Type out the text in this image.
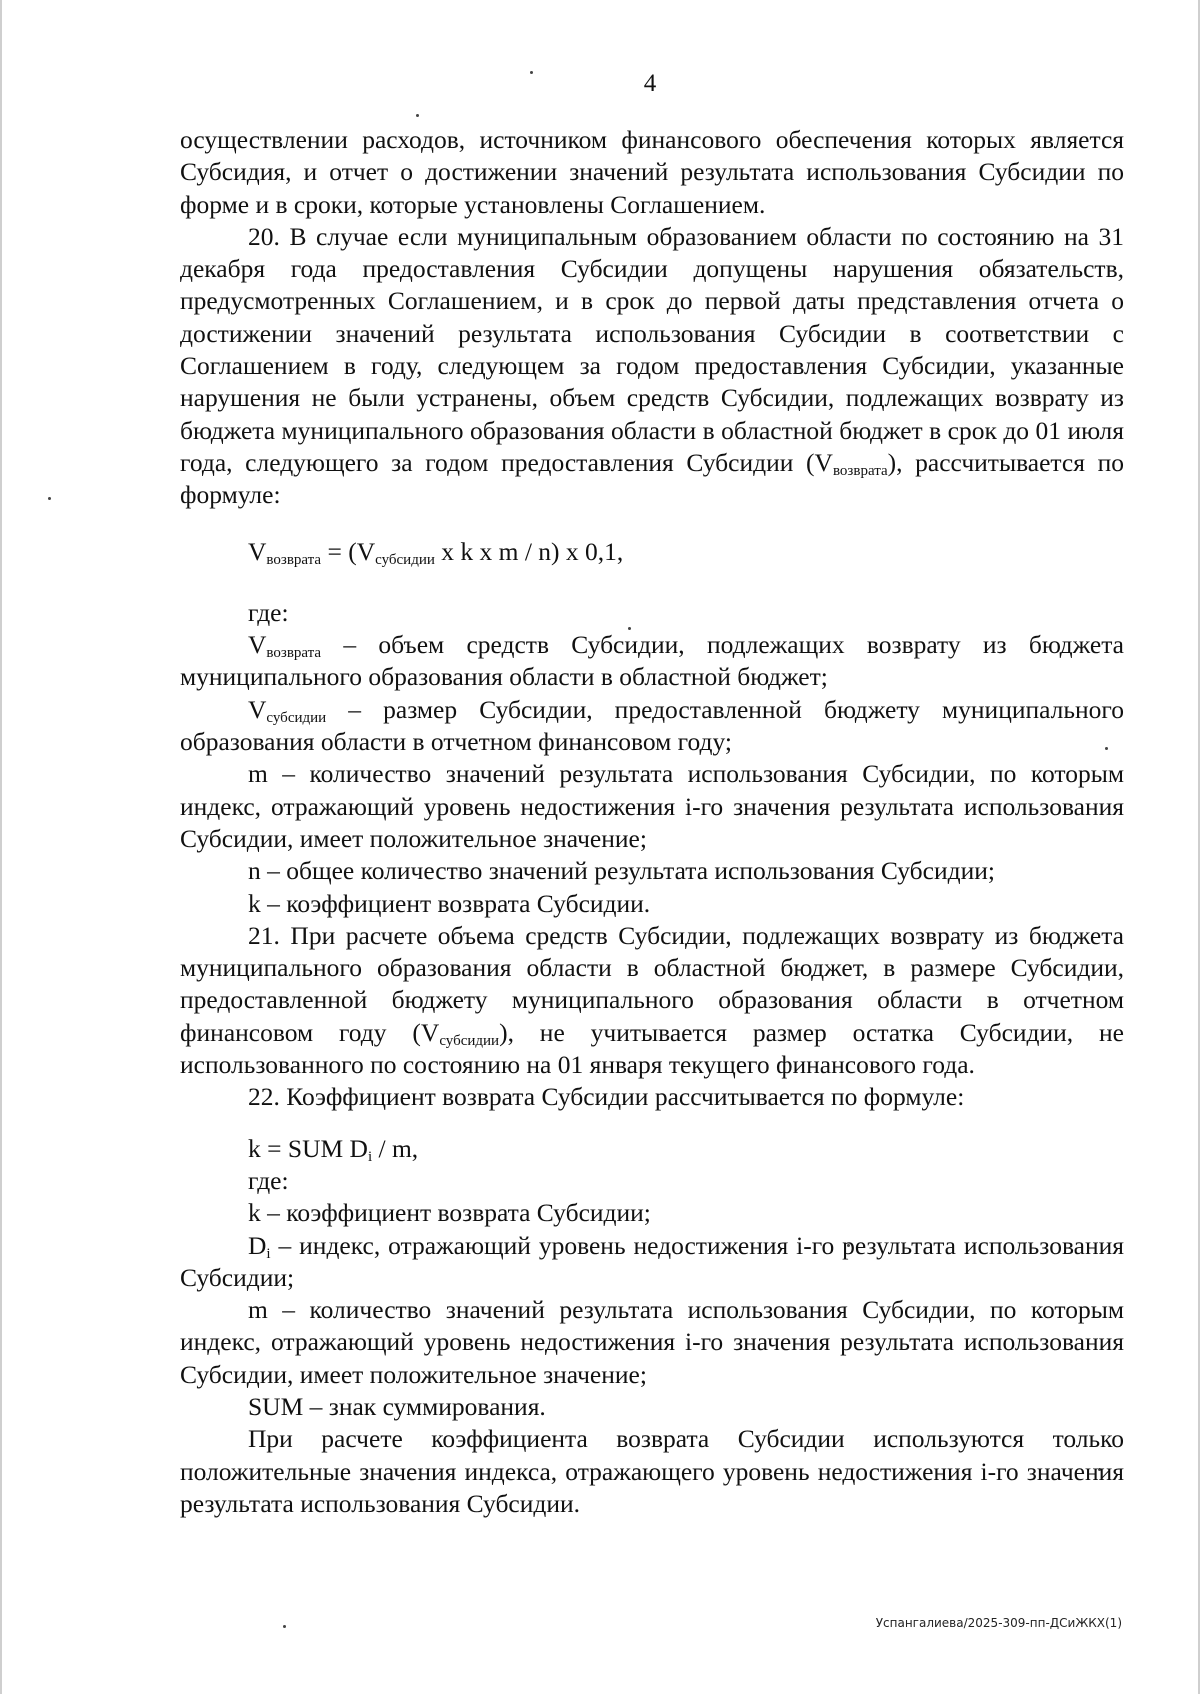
4

осуществлении расходов, источником финансового обеспечения которых является Субсидия, и отчет о достижении значений результата использования Субсидии по форме и в сроки, которые установлены Соглашением.

20. В случае если муниципальным образованием области по состоянию на 31 декабря года предоставления Субсидии допущены нарушения обязательств, предусмотренных Соглашением, и в срок до первой даты представления отчета о достижении значений результата использования Субсидии в соответствии с Соглашением в году, следующем за годом предоставления Субсидии, указанные нарушения не были устранены, объем средств Субсидии, подлежащих возврату из бюджета муниципального образования области в областной бюджет в срок до 01 июля года, следующего за годом предоставления Субсидии $(V_{возврата})$, рассчитывается по формуле:

$V_{возврата} = (V_{субсидии}$ x k x m / n) x 0,1,

где:

$V_{возврата}$ – объем средств Субсидии, подлежащих возврату из бюджета муниципального образования области в областной бюджет;

$V_{субсидии}$ – размер Субсидии, предоставленной бюджету муниципального образования области в отчетном финансовом году;

m – количество значений результата использования Субсидии, по которым индекс, отражающий уровень недостижения i-го значения результата использования Субсидии, имеет положительное значение;

n – общее количество значений результата использования Субсидии;

k – коэффициент возврата Субсидии.

21. При расчете объема средств Субсидии, подлежащих возврату из бюджета муниципального образования области в областной бюджет, в размере Субсидии, предоставленной бюджету муниципального образования области в отчетном финансовом году $(V_{субсидии})$, не учитывается размер остатка Субсидии, не использованного по состоянию на 01 января текущего финансового года.

22. Коэффициент возврата Субсидии рассчитывается по формуле:

k = SUM $D_i$ / m,

где:

k – коэффициент возврата Субсидии;

$D_i$ – индекс, отражающий уровень недостижения i-го результата использования Субсидии;

m – количество значений результата использования Субсидии, по которым индекс, отражающий уровень недостижения i-го значения результата использования Субсидии, имеет положительное значение;

SUM – знак суммирования.

При расчете коэффициента возврата Субсидии используются только положительные значения индекса, отражающего уровень недостижения i-го значения результата использования Субсидии.

Успангалиева/2025-309-пп-ДСиЖКХ(1)
